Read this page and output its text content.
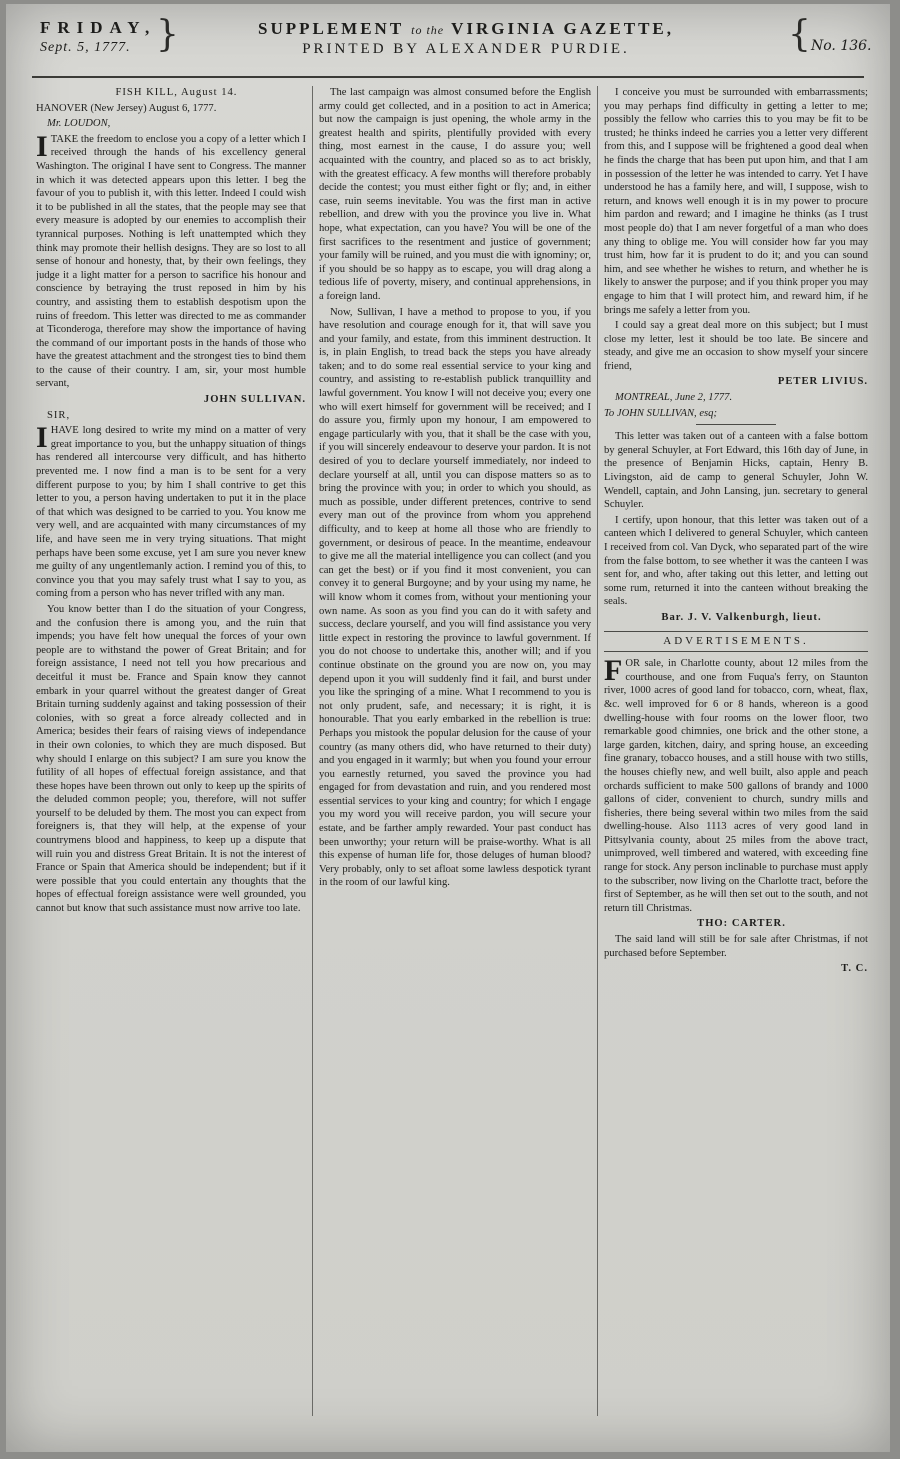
FRIDAY,
Sept. 5, 1777. }	SUPPLEMENT to the VIRGINIA GAZETTE,
PRINTED BY ALEXANDER PURDIE.	{ No. 136.

FISH KILL, August 14.

HANOVER (New Jersey) August 6, 1777.

Mr. LOUDON,

ITAKE the freedom to enclose you a copy of a letter which I received through the hands of his excellency general Washington. The original I have sent to Congress. The manner in which it was detected appears upon this letter. I beg the favour of you to publish it, with this letter. Indeed I could wish it to be published in all the states, that the people may see that every measure is adopted by our enemies to accomplish their tyrannical purposes. Nothing is left unattempted which they think may promote their hellish designs. They are so lost to all sense of honour and honesty, that, by their own feelings, they judge it a light matter for a person to sacrifice his honour and conscience by betraying the trust reposed in him by his country, and assisting them to establish despotism upon the ruins of freedom. This letter was directed to me as commander at Ticonderoga, therefore may show the importance of having the command of our important posts in the hands of those who have the greatest attachment and the strongest ties to bind them to the cause of their country. I am, sir, your most humble servant,

JOHN SULLIVAN.

SIR,

IHAVE long desired to write my mind on a matter of very great importance to you, but the unhappy situation of things has rendered all intercourse very difficult, and has hitherto prevented me. I now find a man is to be sent for a very different purpose to you; by him I shall contrive to get this letter to you, a person having undertaken to put it in the place of that which was designed to be carried to you. You know me very well, and are acquainted with many circumstances of my life, and have seen me in very trying situations. That might perhaps have been some excuse, yet I am sure you never knew me guilty of any ungentlemanly action. I remind you of this, to convince you that you may safely trust what I say to you, as coming from a person who has never trifled with any man.

You know better than I do the situation of your Congress, and the confusion there is among you, and the ruin that impends; you have felt how unequal the forces of your own people are to withstand the power of Great Britain; and for foreign assistance, I need not tell you how precarious and deceitful it must be. France and Spain know they cannot embark in your quarrel without the greatest danger of Great Britain turning suddenly against and taking possession of their colonies, with so great a force already collected and in America; besides their fears of raising views of independance in their own colonies, to which they are much disposed. But why should I enlarge on this subject? I am sure you know the futility of all hopes of effectual foreign assistance, and that these hopes have been thrown out only to keep up the spirits of the deluded common people; you, therefore, will not suffer yourself to be deluded by them. The most you can expect from foreigners is, that they will help, at the expense of your countrymens blood and happiness, to keep up a dispute that will ruin you and distress Great Britain. It is not the interest of France or Spain that America should be independent; but if it were possible that you could entertain any thoughts that the hopes of effectual foreign assistance were well grounded, you cannot but know that such assistance must now arrive too late.

The last campaign was almost consumed before the English army could get collected, and in a position to act in America; but now the campaign is just opening, the whole army in the greatest health and spirits, plentifully provided with every thing, most earnest in the cause, I do assure you; well acquainted with the country, and placed so as to act briskly, with the greatest efficacy. A few months will therefore probably decide the contest; you must either fight or fly; and, in either case, ruin seems inevitable. You was the first man in active rebellion, and drew with you the province you live in. What hope, what expectation, can you have? You will be one of the first sacrifices to the resentment and justice of government; your family will be ruined, and you must die with ignominy; or, if you should be so happy as to escape, you will drag along a tedious life of poverty, misery, and continual apprehensions, in a foreign land.

Now, Sullivan, I have a method to propose to you, if you have resolution and courage enough for it, that will save you and your family, and estate, from this imminent destruction. It is, in plain English, to tread back the steps you have already taken; and to do some real essential service to your king and country, and assisting to re-establish publick tranquillity and lawful government. You know I will not deceive you; every one who will exert himself for government will be received; and I do assure you, firmly upon my honour, I am empowered to engage particularly with you, that it shall be the case with you, if you will sincerely endeavour to deserve your pardon. It is not desired of you to declare yourself immediately, nor indeed to declare yourself at all, until you can dispose matters so as to bring the province with you; in order to which you should, as much as possible, under different pretences, contrive to send every man out of the province from whom you apprehend difficulty, and to keep at home all those who are friendly to government, or desirous of peace. In the meantime, endeavour to give me all the material intelligence you can collect (and you can get the best) or if you find it most convenient, you can convey it to general Burgoyne; and by your using my name, he will know whom it comes from, without your mentioning your own name. As soon as you find you can do it with safety and success, declare yourself, and you will find assistance you very little expect in restoring the province to lawful government. If you do not choose to undertake this, another will; and if you continue obstinate on the ground you are now on, you may depend upon it you will suddenly find it fail, and burst under you like the springing of a mine. What I recommend to you is not only prudent, safe, and necessary; it is right, it is honourable. That you early embarked in the rebellion is true: Perhaps you mistook the popular delusion for the cause of your country (as many others did, who have returned to their duty) and you engaged in it warmly; but when you found your errour you earnestly returned, you saved the province you had engaged for from devastation and ruin, and you rendered most essential services to your king and country; for which I engage you my word you will receive pardon, you will secure your estate, and be farther amply rewarded. Your past conduct has been unworthy; your return will be praise-worthy. What is all this expense of human life for, those deluges of human blood? Very probably, only to set afloat some lawless despotick tyrant in the room of our lawful king.

I conceive you must be surrounded with embarrassments; you may perhaps find difficulty in getting a letter to me; possibly the fellow who carries this to you may be fit to be trusted; he thinks indeed he carries you a letter very different from this, and I suppose will be frightened a good deal when he finds the charge that has been put upon him, and that I am in possession of the letter he was intended to carry. Yet I have understood he has a family here, and will, I suppose, wish to return, and knows well enough it is in my power to procure him pardon and reward; and I imagine he thinks (as I trust most people do) that I am never forgetful of a man who does any thing to oblige me. You will consider how far you may trust him, how far it is prudent to do it; and you can sound him, and see whether he wishes to return, and whether he is likely to answer the purpose; and if you think proper you may engage to him that I will protect him, and reward him, if he brings me safely a letter from you.

I could say a great deal more on this subject; but I must close my letter, lest it should be too late. Be sincere and steady, and give me an occasion to show myself your sincere friend,

PETER LIVIUS.

MONTREAL, June 2, 1777.

To JOHN SULLIVAN, esq;

This letter was taken out of a canteen with a false bottom by general Schuyler, at Fort Edward, this 16th day of June, in the presence of Benjamin Hicks, captain, Henry B. Livingston, aid de camp to general Schuyler, John W. Wendell, captain, and John Lansing, jun. secretary to general Schuyler.

I certify, upon honour, that this letter was taken out of a canteen which I delivered to general Schuyler, which canteen I received from col. Van Dyck, who separated part of the wire from the false bottom, to see whether it was the canteen I was sent for, and who, after taking out this letter, and letting out some rum, returned it into the canteen without breaking the seals.

Bar. J. V. Valkenburgh, lieut.

ADVERTISEMENTS.

FOR sale, in Charlotte county, about 12 miles from the courthouse, and one from Fuqua's ferry, on Staunton river, 1000 acres of good land for tobacco, corn, wheat, flax, &c. well improved for 6 or 8 hands, whereon is a good dwelling-house with four rooms on the lower floor, two remarkable good chimnies, one brick and the other stone, a large garden, kitchen, dairy, and spring house, an exceeding fine granary, tobacco houses, and a still house with two stills, the houses chiefly new, and well built, also apple and peach orchards sufficient to make 500 gallons of brandy and 1000 gallons of cider, convenient to church, sundry mills and fisheries, there being several within two miles from the said dwelling-house. Also 1113 acres of very good land in Pittsylvania county, about 25 miles from the above tract, unimproved, well timbered and watered, with exceeding fine range for stock. Any person inclinable to purchase must apply to the subscriber, now living on the Charlotte tract, before the first of September, as he will then set out to the south, and not return till Christmas.

THO: CARTER.

The said land will still be for sale after Christmas, if not purchased before September.

T. C.
